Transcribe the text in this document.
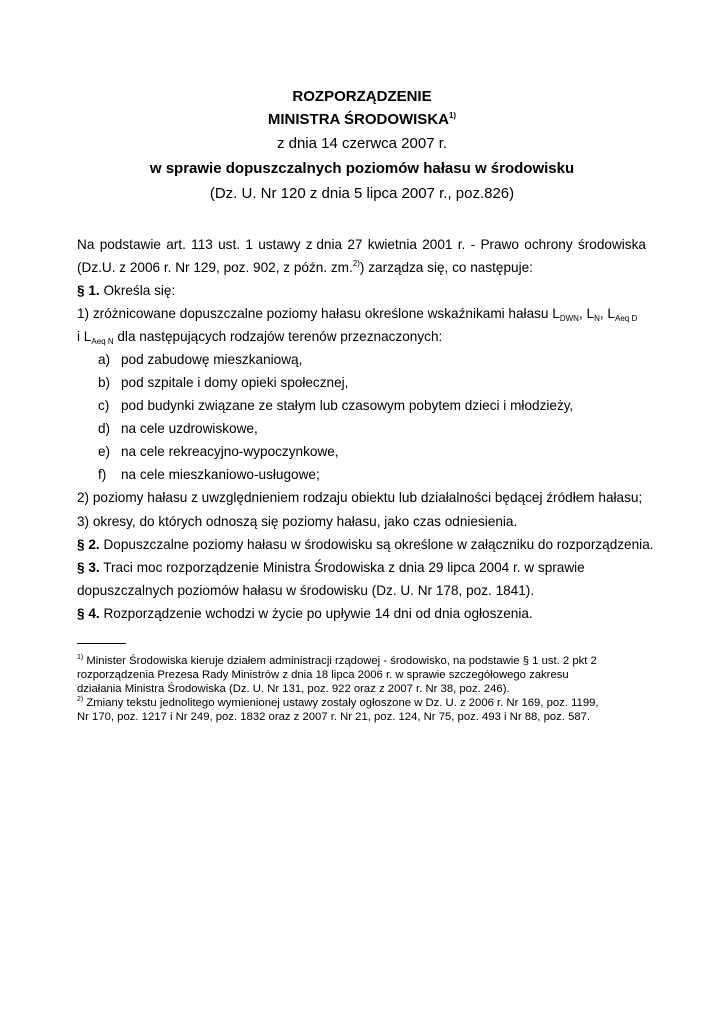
ROZPORZĄDZENIE
MINISTRA ŚRODOWISKA$^{1)}$
z dnia 14 czerwca 2007 r.
w sprawie dopuszczalnych poziomów hałasu w środowisku
(Dz. U. Nr 120 z dnia 5 lipca 2007 r., poz.826)
Na podstawie art. 113 ust. 1 ustawy z dnia 27 kwietnia 2001 r. - Prawo ochrony środowiska
(Dz.U. z 2006 r. Nr 129, poz. 902, z późn. zm.$^{2)}$) zarządza się, co następuje:
§ 1. Określa się:
1) zróżnicowane dopuszczalne poziomy hałasu określone wskaźnikami hałasu $L_{DWN}$, $L_N$, $L_{Aeq D}$
i $L_{Aeq N}$ dla następujących rodzajów terenów przeznaczonych:
a) pod zabudowę mieszkaniową,
b) pod szpitale i domy opieki społecznej,
c) pod budynki związane ze stałym lub czasowym pobytem dzieci i młodzieży,
d) na cele uzdrowiskowe,
e) na cele rekreacyjno-wypoczynkowe,
f) na cele mieszkaniowo-usługowe;
2) poziomy hałasu z uwzględnieniem rodzaju obiektu lub działalności będącej źródłem hałasu;
3) okresy, do których odnoszą się poziomy hałasu, jako czas odniesienia.
§ 2. Dopuszczalne poziomy hałasu w środowisku są określone w załączniku do rozporządzenia.
§ 3. Traci moc rozporządzenie Ministra Środowiska z dnia 29 lipca 2004 r. w sprawie
dopuszczalnych poziomów hałasu w środowisku (Dz. U. Nr 178, poz. 1841).
§ 4. Rozporządzenie wchodzi w życie po upływie 14 dni od dnia ogłoszenia.
$^{1)}$ Minister Środowiska kieruje działem administracji rządowej - środowisko, na podstawie § 1 ust. 2 pkt 2
rozporządzenia Prezesa Rady Ministrów z dnia 18 lipca 2006 r. w sprawie szczegółowego zakresu
działania Ministra Środowiska (Dz. U. Nr 131, poz. 922 oraz z 2007 r. Nr 38, poz. 246).
$^{2)}$ Zmiany tekstu jednolitego wymienionej ustawy zostały ogłoszone w Dz. U. z 2006 r. Nr 169, poz. 1199,
Nr 170, poz. 1217 i Nr 249, poz. 1832 oraz z 2007 r. Nr 21, poz. 124, Nr 75, poz. 493 i Nr 88, poz. 587.
